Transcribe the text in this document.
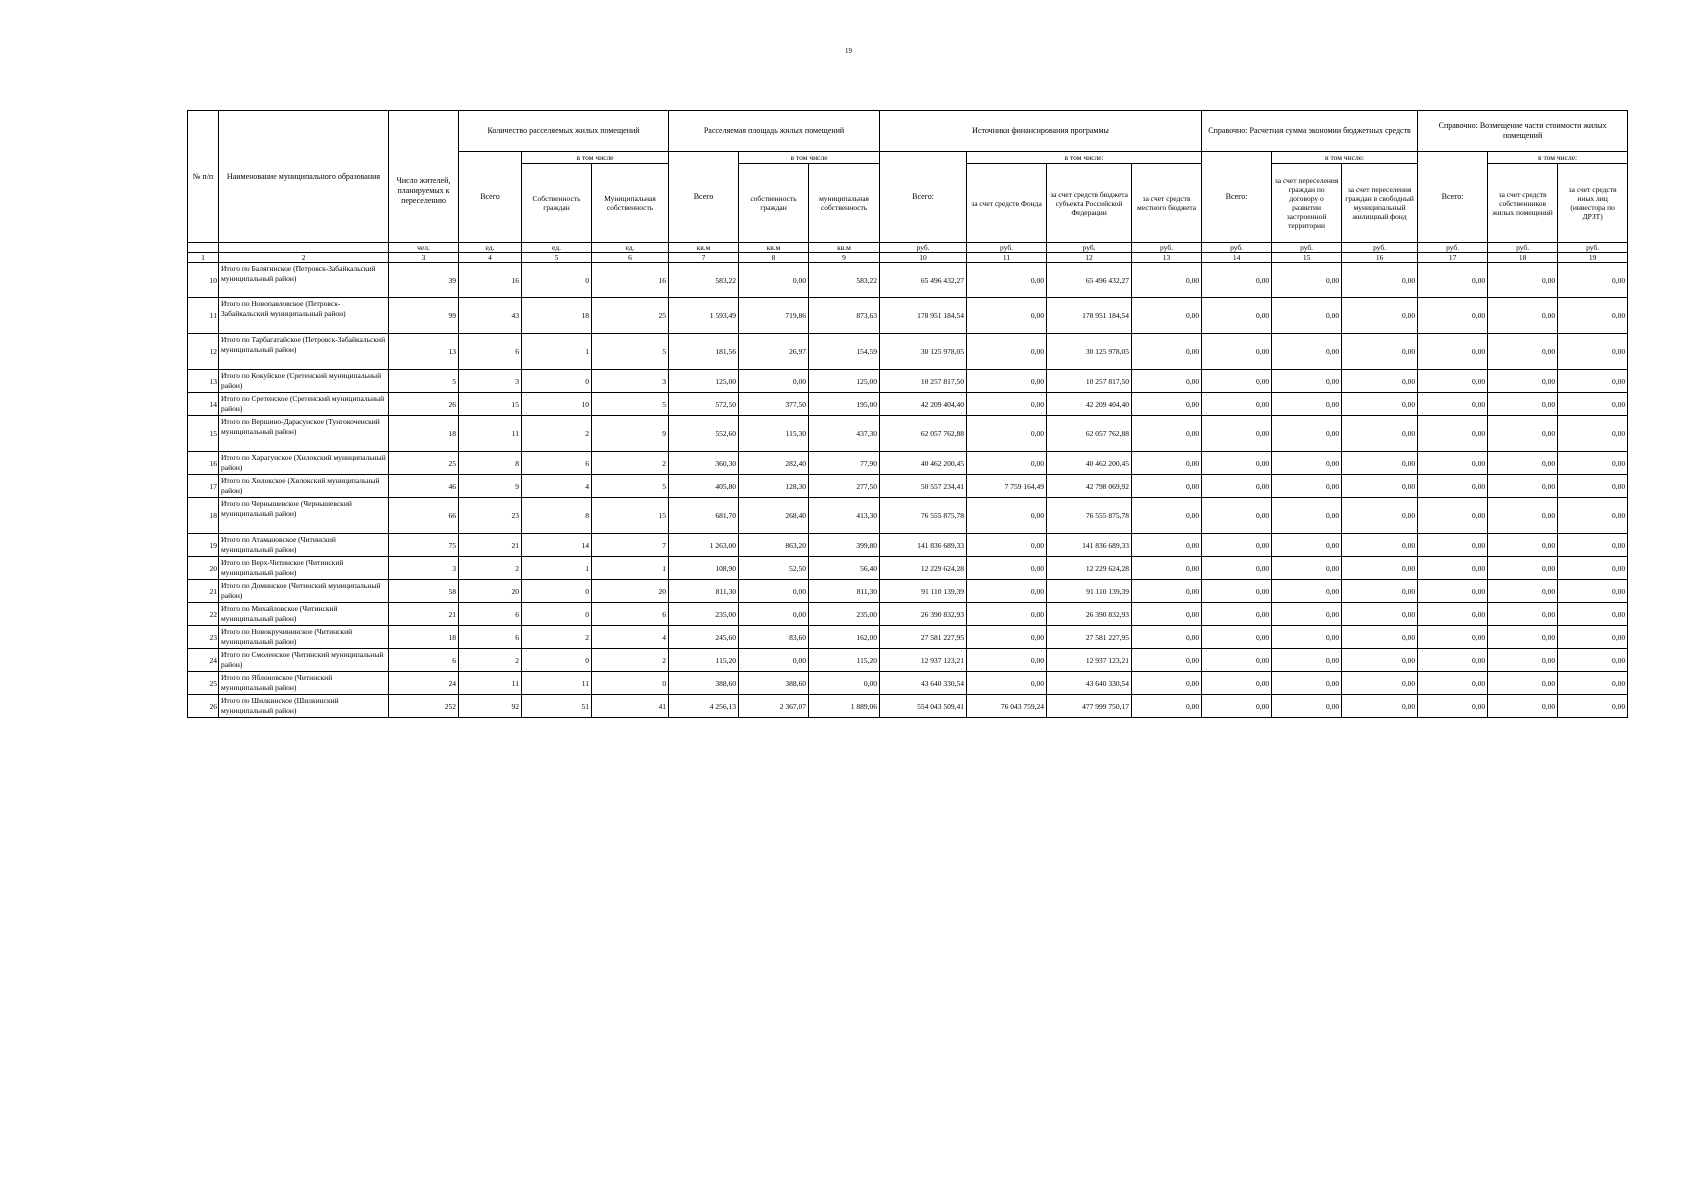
19
№ п/п	Наименование муниципального образования	Число жителей, планируемых к переселению	Количество расселяемых жилых помещений			Расселяемая площадь жилых помещений			Источники финансирования программы				Справочно: Расчетная сумма экономии бюджетных средств			Справочно: Возмещение части стоимости жилых помещений		
			Всего	в том числе		Всего	в том числе		Всего:	в том числе:			Всего:	в том числе:		Всего:	в том числе:	
				Собственность граждан	Муниципальная собственность		собственность граждан	муниципальная собственность		за счет средств Фонда	за счет средств бюджета субъекта Российской Федерации	за счет средств местного бюджета		за счет переселения граждан по договору о развитии застроенной территории	за счет переселения граждан в свободный муниципальный жилищный фонд		за счет средств собственников жилых помещений	за счет средств иных лиц (инвестора по ДРЗТ)
		чел.	ед.	ед.	ед.	кв.м	кв.м	кв.м	руб.	руб.	руб.	руб.	руб.	руб.	руб.	руб.	руб.	руб.
1	2	3	4	5	6	7	8	9	10	11	12	13	14	15	16	17	18	19
10	Итого по Балягинское (Петровск-Забайкальский муниципальный район)	39	16	0	16	583,22	0,00	583,22	65 496 432,27	0,00	65 496 432,27	0,00	0,00	0,00	0,00	0,00	0,00	0,00
11	Итого по Новопавловское (Петровск-Забайкальский муниципальный район)	99	43	18	25	1 593,49	719,86	873,63	178 951 184,54	0,00	178 951 184,54	0,00	0,00	0,00	0,00	0,00	0,00	0,00
12	Итого по Тарбагатайское (Петровск-Забайкальский муниципальный район)	13	6	1	5	181,56	26,97	154,59	30 125 978,05	0,00	30 125 978,05	0,00	0,00	0,00	0,00	0,00	0,00	0,00
13	Итого по Кокуйское (Сретенский муниципальный район)	5	3	0	3	125,00	0,00	125,00	10 257 817,50	0,00	10 257 817,50	0,00	0,00	0,00	0,00	0,00	0,00	0,00
14	Итого по Сретенское (Сретенский муниципальный район)	26	15	10	5	572,50	377,50	195,00	42 209 404,40	0,00	42 209 404,40	0,00	0,00	0,00	0,00	0,00	0,00	0,00
15	Итого по Вершино-Дарасунское (Тунгокоченский муниципальный район)	18	11	2	9	552,60	115,30	437,30	62 057 762,88	0,00	62 057 762,88	0,00	0,00	0,00	0,00	0,00	0,00	0,00
16	Итого по Харагунское (Хилокский муниципальный район)	25	8	6	2	360,30	282,40	77,90	40 462 200,45	0,00	40 462 200,45	0,00	0,00	0,00	0,00	0,00	0,00	0,00
17	Итого по Хилокское (Хилокский муниципальный район)	46	9	4	5	405,80	128,30	277,50	50 557 234,41	7 759 164,49	42 798 069,92	0,00	0,00	0,00	0,00	0,00	0,00	0,00
18	Итого по Чернышевское (Чернышевский муниципальный район)	66	23	8	15	681,70	268,40	413,30	76 555 875,78	0,00	76 555 875,78	0,00	0,00	0,00	0,00	0,00	0,00	0,00
19	Итого по Атамановское (Читинский муниципальный район)	75	21	14	7	1 263,00	863,20	399,80	141 836 689,33	0,00	141 836 689,33	0,00	0,00	0,00	0,00	0,00	0,00	0,00
20	Итого по Верх-Читинское (Читинский муниципальный район)	3	2	1	1	108,90	52,50	56,40	12 229 624,28	0,00	12 229 624,28	0,00	0,00	0,00	0,00	0,00	0,00	0,00
21	Итого по Доминское (Читинский муниципальный район)	58	20	0	20	811,30	0,00	811,30	91 110 139,39	0,00	91 110 139,39	0,00	0,00	0,00	0,00	0,00	0,00	0,00
22	Итого по Михайловское (Читинский муниципальный район)	21	6	0	6	235,00	0,00	235,00	26 390 832,93	0,00	26 390 832,93	0,00	0,00	0,00	0,00	0,00	0,00	0,00
23	Итого по Новокручининское (Читинский муниципальный район)	18	6	2	4	245,60	83,60	162,00	27 581 227,95	0,00	27 581 227,95	0,00	0,00	0,00	0,00	0,00	0,00	0,00
24	Итого по Смоленское (Читинский муниципальный район)	6	2	0	2	115,20	0,00	115,20	12 937 123,21	0,00	12 937 123,21	0,00	0,00	0,00	0,00	0,00	0,00	0,00
25	Итого по Яблоновское (Читинский муниципальный район)	24	11	11	0	388,60	388,60	0,00	43 640 330,54	0,00	43 640 330,54	0,00	0,00	0,00	0,00	0,00	0,00	0,00
26	Итого по Шилкинское (Шилкинский муниципальный район)	252	92	51	41	4 256,13	2 367,07	1 889,06	554 043 509,41	76 043 759,24	477 999 750,17	0,00	0,00	0,00	0,00	0,00	0,00	0,00
